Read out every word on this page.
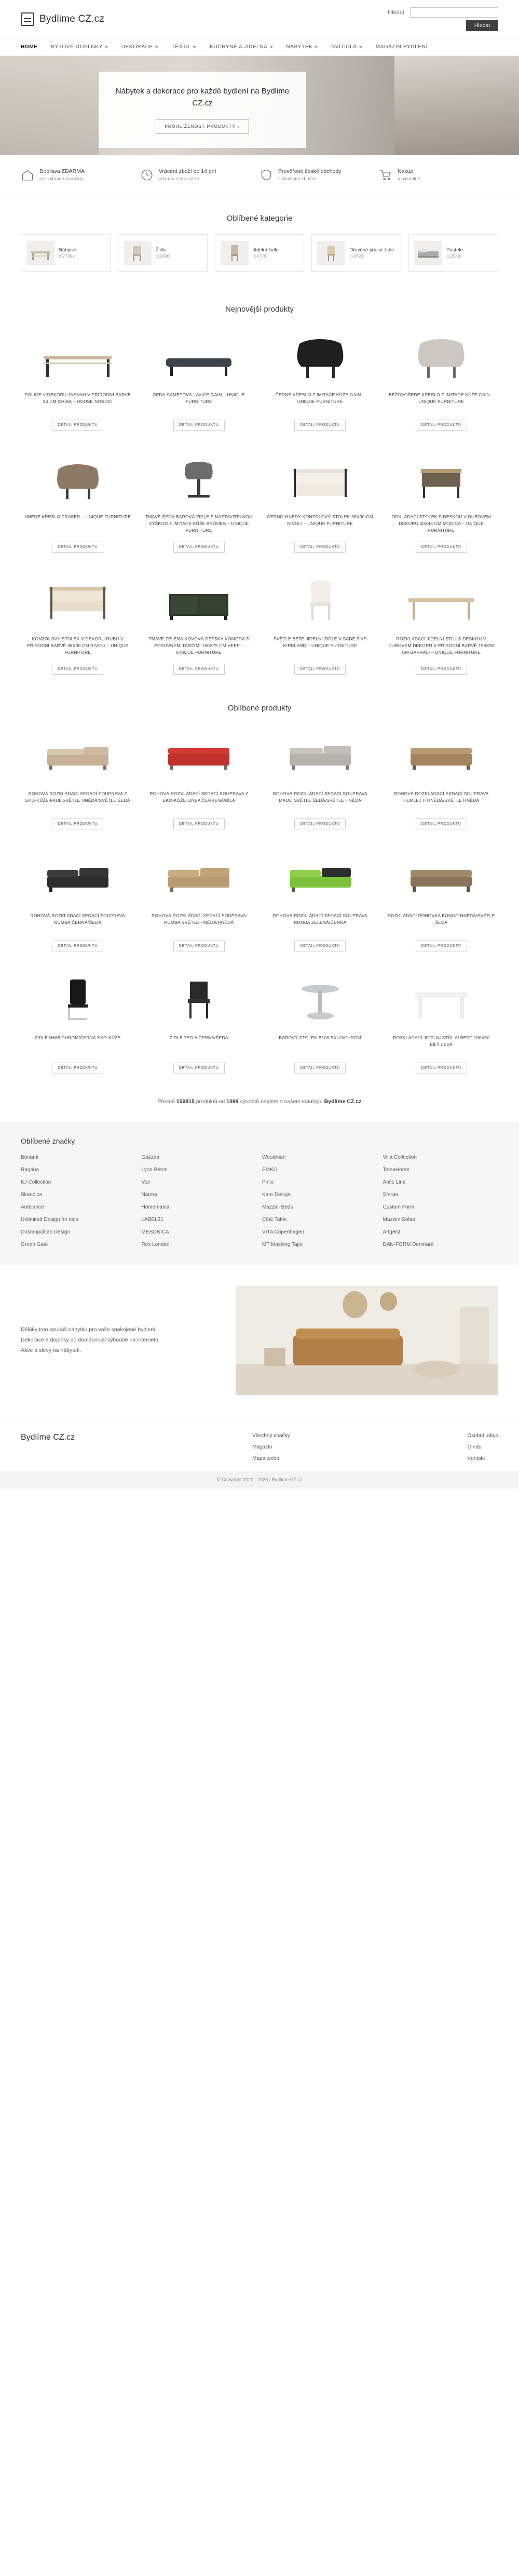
Bydlime CZ.cz
Hledat:
Hledat
HOME	BYTOVÉ DOPLŇKY	DEKORACE	TEXTIL	KUCHYNĚ A JÍDELNA	NÁBYTEK	SVÍTIDLA	MAGAZÍN BYDLENÍ
Nábytek a dekorace pro každé bydlení na Bydlime CZ.cz
PROHLÍŽENOST PRODUKTY »
Doprava ZDARMA
pro vybrané produkty
Vrácení zboží do 14 dní
zdarma a bez rizika
Prověřené české obchody
s kvalitním zbožím
Nákup
maximálně
Oblíbené kategorie
Nábytek
(57769)
Židle
(15096)
Jídelní židle
(14776)
Dřevěné jídelní židle
(14726)
Postele
(12548)
Nejnovější produkty
POLICE V DEKORU JASANU V PŘÍRODNÍ BARVĚ 80 CM CHIBA – HOUSE NORDIC
DETAIL PRODUKTU
ŠEDÁ SAMETOVÁ LAVICE GAIN – UNIQUE FURNITURE
DETAIL PRODUKTU
ČERNÉ KŘESLO Z IMITACE KŮŽE GAIN – UNIQUE FURNITURE
DETAIL PRODUKTU
BÉŽOVOŠEDÉ KŘESLO Z IMITACE KŮŽE GAIN – UNIQUE FURNITURE
DETAIL PRODUKTU
HNĚDÉ KŘESLO FRASER – UNIQUE FURNITURE
DETAIL PRODUKTU
TMAVĚ ŠEDÁ BAROVÁ ŽIDLE S NASTAVITELNOU VÝŠKOU Z IMITACE KŮŽE BROOKS – UNIQUE FURNITURE
DETAIL PRODUKTU
ČERNO-HNĚDÝ KONZOLOVÝ STOLEK 38X90 CM RIVOLI – UNIQUE FURNITURE
DETAIL PRODUKTU
ODKLÁDACÍ STOLEK S DESKOU V DUBOVÉM DEKORU 40X45 CM MODICA – UNIQUE FURNITURE
DETAIL PRODUKTU
KONZOLOVÝ STOLEK V DEKORU DUBU V PŘÍRODNÍ BARVĚ 38X90 CM RIVOLI – UNIQUE FURNITURE
DETAIL PRODUKTU
TMAVĚ ZELENÁ KOVOVÁ DĚTSKÁ KOMODA S POSUVNÝMI DVEŘMI 160X75 CM VEEP – UNIQUE FURNITURE
DETAIL PRODUKTU
SVĚTLE BÉŽE JÍDELNÍ ŽIDLE V SADĚ 2 KS KIRKLAND – UNIQUE FURNITURE
DETAIL PRODUKTU
ROZKLÁDACÍ JÍDELNÍ STŮL S DESKOU V DUBOVÉM DEKORU V PŘÍRODNÍ BARVĚ 190X90 CM BARRALI – UNIQUE FURNITURE
DETAIL PRODUKTU
Oblíbené produkty
ROHOVÁ ROZKLÁDACÍ SEDACÍ SOUPRAVA Z EKO-KŮŽE FAUL SVĚTLE HNĚDÁ/SVĚTLE ŠEDÁ
DETAIL PRODUKTU
ROHOVÁ ROZKLÁDACÍ SEDACÍ SOUPRAVA Z EKO-KŮŽE LINEA ČERVENÁ/BÍLÁ
DETAIL PRODUKTU
ROHOVÁ ROZKLÁDACÍ SEDACÍ SOUPRAVA MADO SVĚTLE ŠEDÁ/SVĚTLE HNĚDÁ
DETAIL PRODUKTU
ROHOVÁ ROZKLÁDACÍ SEDACÍ SOUPRAVA HEMLET II HNĚDÁ/SVĚTLE HNĚDÁ
DETAIL PRODUKTU
ROHOVÁ ROZKLÁDACÍ SEDACÍ SOUPRAVA RUMBA ČERNÁ/ŠEDÁ
DETAIL PRODUKTU
ROHOVÁ ROZKLÁDACÍ SEDACÍ SOUPRAVA RUMBA SVĚTLE HNĚDÁ/HNĚDÁ
DETAIL PRODUKTU
ROHOVÁ ROZKLÁDACÍ SEDACÍ SOUPRAVA RUMBA ZELENÁ/ČERNÁ
DETAIL PRODUKTU
ROZKLÁDACÍ POHOVKA BONGO HNĚDÁ/SVĚTLE ŠEDÁ
DETAIL PRODUKTU
ŽIDLE H688 CHROM/ČERNÁ EKO-KŮŽE
DETAIL PRODUKTU
ŽIDLE TEO A ČERNÁ/ŠEDÁ
DETAIL PRODUKTU
BAROVÝ STOLEK B100 SKLO/CHROM
DETAIL PRODUKTU
ROZKLÁDACÍ JÍDELNÍ STŮL ALBERT 100X60 BÍLÝ LESK
DETAIL PRODUKTU
Přesně 156815 produktů od 1099 výrobců najdete v našem katalogu Bydlime CZ.cz
Oblíbené značky
Bonami	Gazzda	Woodman	Villa Collection
Ragaba	Lyon Béton	EMKO	TemaHome
KJ Collection	Vox	Pinio	Antic Line
Skandica	Narma	Kare Design	Sferaa
Ambiance	Homemania	Mazzini Beds	Custom Form
Unlimited Design for kids	LABEL51	Côté Table	Mazzini Sofas
Cosmopolitan Design	MESONICA	VITA Copenhagen	Artgeist
Green Gate	Rex London	MT Masking Tape	DAN-FORM Denmark
Děláky toto koukáš nábytku pro vaše spokojené bydlení.
Dekorace a doplňky do domácnosti výhodně na internetu.
Akce a slevy na nábytek.
Bydlíme CZ.cz	Všechny značky
Magazín
Mapa webu
Osobní údaje
O nás
Kontakt
© Copyright 2020 - 2025 / Bydlíme CZ.cz
